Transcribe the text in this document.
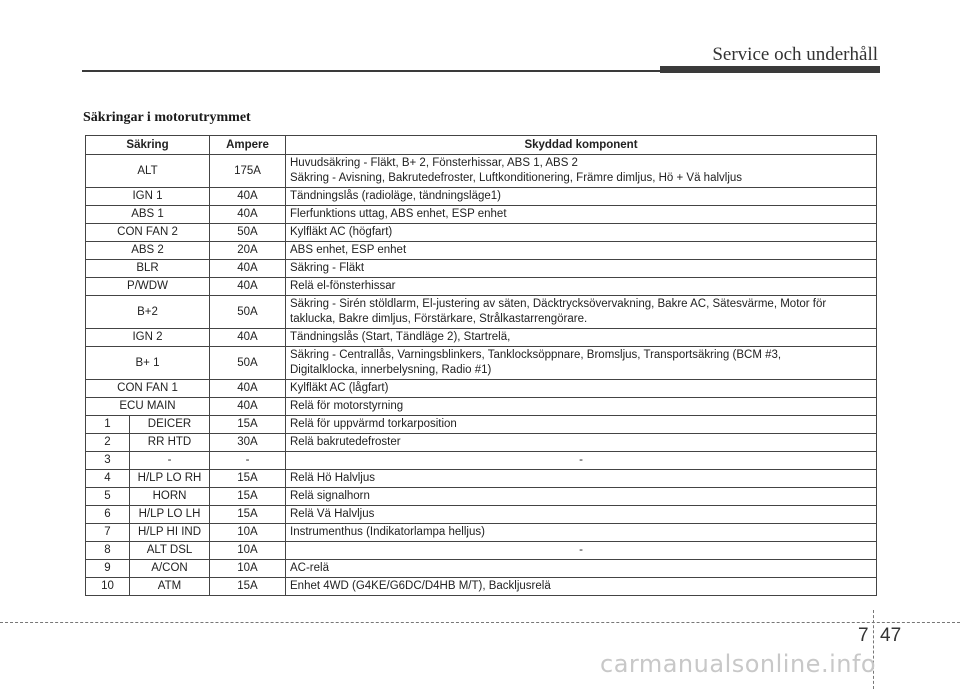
Service och underhåll
Säkringar i motorutrymmet
Säkring		Ampere	Skyddad komponent
ALT		175A	Huvudsäkring - Fläkt, B+ 2, Fönsterhissar, ABS 1, ABS 2
Säkring - Avisning, Bakrutedefroster, Luftkonditionering, Främre dimljus, Hö + Vä halvljus
IGN 1		40A	Tändningslås (radioläge, tändningsläge1)
ABS 1		40A	Flerfunktions uttag, ABS enhet, ESP enhet
CON FAN 2		50A	Kylfläkt AC (högfart)
ABS 2		20A	ABS enhet, ESP enhet
BLR		40A	Säkring - Fläkt
P/WDW		40A	Relä el-fönsterhissar
B+2		50A	Säkring - Sirén stöldlarm, El-justering av säten, Däcktrycksövervakning, Bakre AC, Sätesvärme, Motor för
taklucka, Bakre dimljus, Förstärkare, Strålkastarrengörare.
IGN 2		40A	Tändningslås (Start, Tändläge 2), Startrelä,
B+ 1		50A	Säkring - Centrallås, Varningsblinkers, Tanklocksöppnare, Bromsljus, Transportsäkring (BCM #3,
Digitalklocka, innerbelysning, Radio #1)
CON FAN 1		40A	Kylfläkt AC (lågfart)
ECU MAIN		40A	Relä för motorstyrning
1	DEICER	15A	Relä för uppvärmd torkarposition
2	RR HTD	30A	Relä bakrutedefroster
3	-	-	-
4	H/LP LO RH	15A	Relä Hö Halvljus
5	HORN	15A	Relä signalhorn
6	H/LP LO LH	15A	Relä Vä Halvljus
7	H/LP HI IND	10A	Instrumenthus (Indikatorlampa helljus)
8	ALT DSL	10A	-
9	A/CON	10A	AC-relä
10	ATM	15A	Enhet 4WD (G4KE/G6DC/D4HB M/T), Backljusrelä
7 47
carmanualsonline.info
